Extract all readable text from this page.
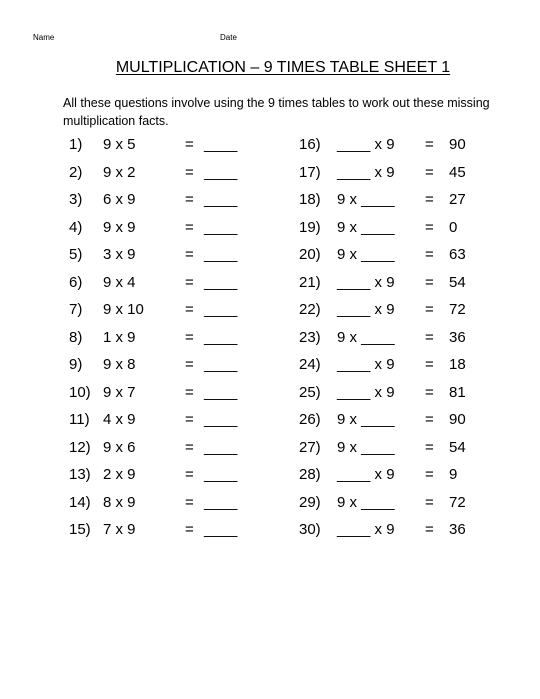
Name	Date
MULTIPLICATION – 9 TIMES TABLE SHEET 1
All these questions involve using the 9 times tables to work out these missing multiplication facts.
1) 9 x 5	= ____
2) 9 x 2	= ____
3) 6 x 9	= ____
4) 9 x 9	= ____
5) 3 x 9	= ____
6) 9 x 4	= ____
7) 9 x 10	= ____
8) 1 x 9	= ____
9) 9 x 8	= ____
10) 9 x 7	= ____
11) 4 x 9	= ____
12) 9 x 6	= ____
13) 2 x 9	= ____
14) 8 x 9	= ____
15) 7 x 9	= ____
16) ____ x 9 = 90
17) ____ x 9 = 45
18) 9 x ____ = 27
19) 9 x ____ = 0
20) 9 x ____ = 63
21) ____ x 9 = 54
22) ____ x 9 = 72
23) 9 x ____ = 36
24) ____ x 9 = 18
25) ____ x 9 = 81
26) 9 x ____ = 90
27) 9 x ____ = 54
28) ____ x 9 = 9
29) 9 x ____ = 72
30) ____ x 9 = 36
